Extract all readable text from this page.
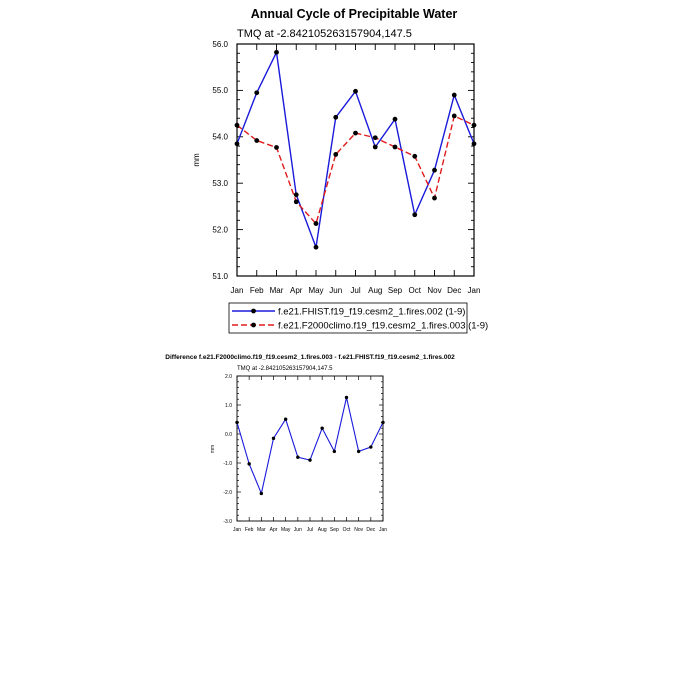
Annual Cycle of Precipitable Water
TMQ at -2.842105263157904,147.5
mm
Jan Feb Mar Apr May Jun Jul Aug Sep Oct Nov Dec Jan
51.0
52.0
53.0
54.0
55.0
56.0
f.e21.FHIST.f19_f19.cesm2_1.fires.002 (1-9)
f.e21.F2000climo.f19_f19.cesm2_1.fires.003 (1-9)
Difference f.e21.F2000climo.f19_f19.cesm2_1.fires.003 - f.e21.FHIST.f19_f19.cesm2_1.fires.002
TMQ at -2.842105263157904,147.5
mm
Jan Feb Mar Apr May Jun Jul Aug Sep Oct Nov Dec Jan
-3.0
-2.0
-1.0
0.0
1.0
2.0
